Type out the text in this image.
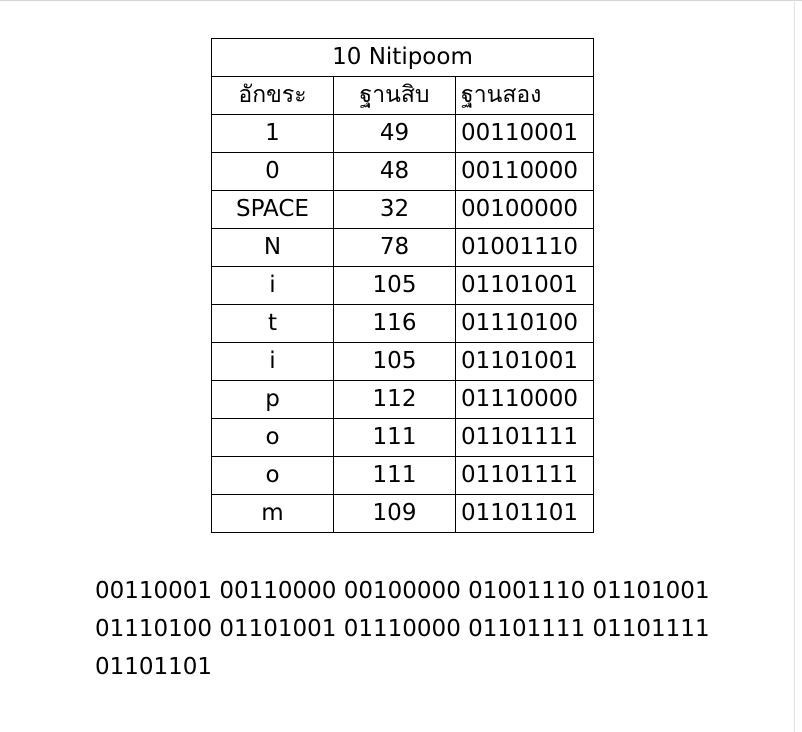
10 Nitipoom		
อักขระ	ฐานสิบ	ฐานสอง
1	49	00110001
0	48	00110000
SPACE	32	00100000
N	78	01001110
i	105	01101001
t	116	01110100
i	105	01101001
p	112	01110000
o	111	01101111
o	111	01101111
m	109	01101101
00110001 00110000 00100000 01001110 01101001
01110100 01101001 01110000 01101111 01101111
01101101
